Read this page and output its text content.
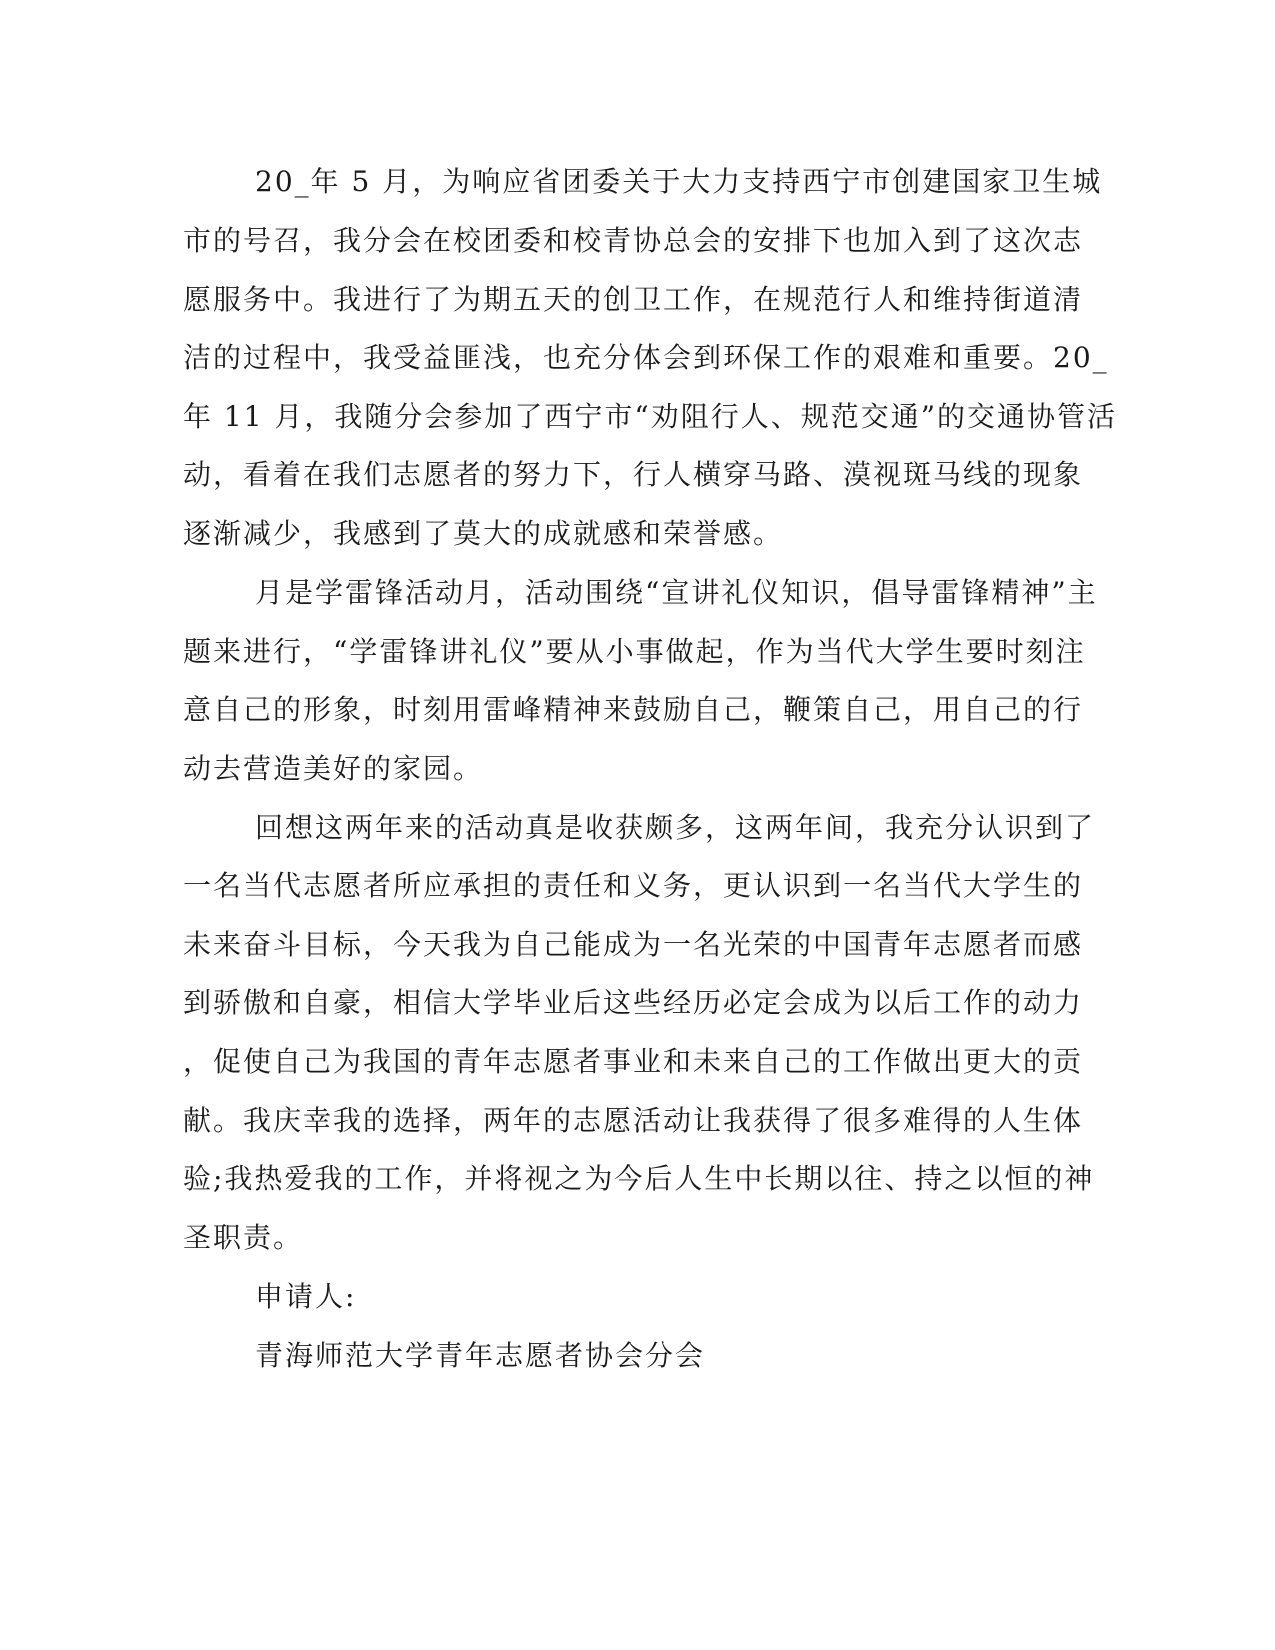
20_年 5 月，为响应省团委关于大力支持西宁市创建国家卫生城
市的号召，我分会在校团委和校青协总会的安排下也加入到了这次志
愿服务中。我进行了为期五天的创卫工作，在规范行人和维持街道清
洁的过程中，我受益匪浅，也充分体会到环保工作的艰难和重要。20_
年 11 月，我随分会参加了西宁市“劝阻行人、规范交通”的交通协管活
动，看着在我们志愿者的努力下，行人横穿马路、漠视斑马线的现象
逐渐减少，我感到了莫大的成就感和荣誉感。
月是学雷锋活动月，活动围绕“宣讲礼仪知识，倡导雷锋精神”主
题来进行，“学雷锋讲礼仪”要从小事做起，作为当代大学生要时刻注
意自己的形象，时刻用雷峰精神来鼓励自己，鞭策自己，用自己的行
动去营造美好的家园。
回想这两年来的活动真是收获颇多，这两年间，我充分认识到了
一名当代志愿者所应承担的责任和义务，更认识到一名当代大学生的
未来奋斗目标，今天我为自己能成为一名光荣的中国青年志愿者而感
到骄傲和自豪，相信大学毕业后这些经历必定会成为以后工作的动力
，促使自己为我国的青年志愿者事业和未来自己的工作做出更大的贡
献。我庆幸我的选择，两年的志愿活动让我获得了很多难得的人生体
验;我热爱我的工作，并将视之为今后人生中长期以往、持之以恒的神
圣职责。
申请人:
青海师范大学青年志愿者协会分会
